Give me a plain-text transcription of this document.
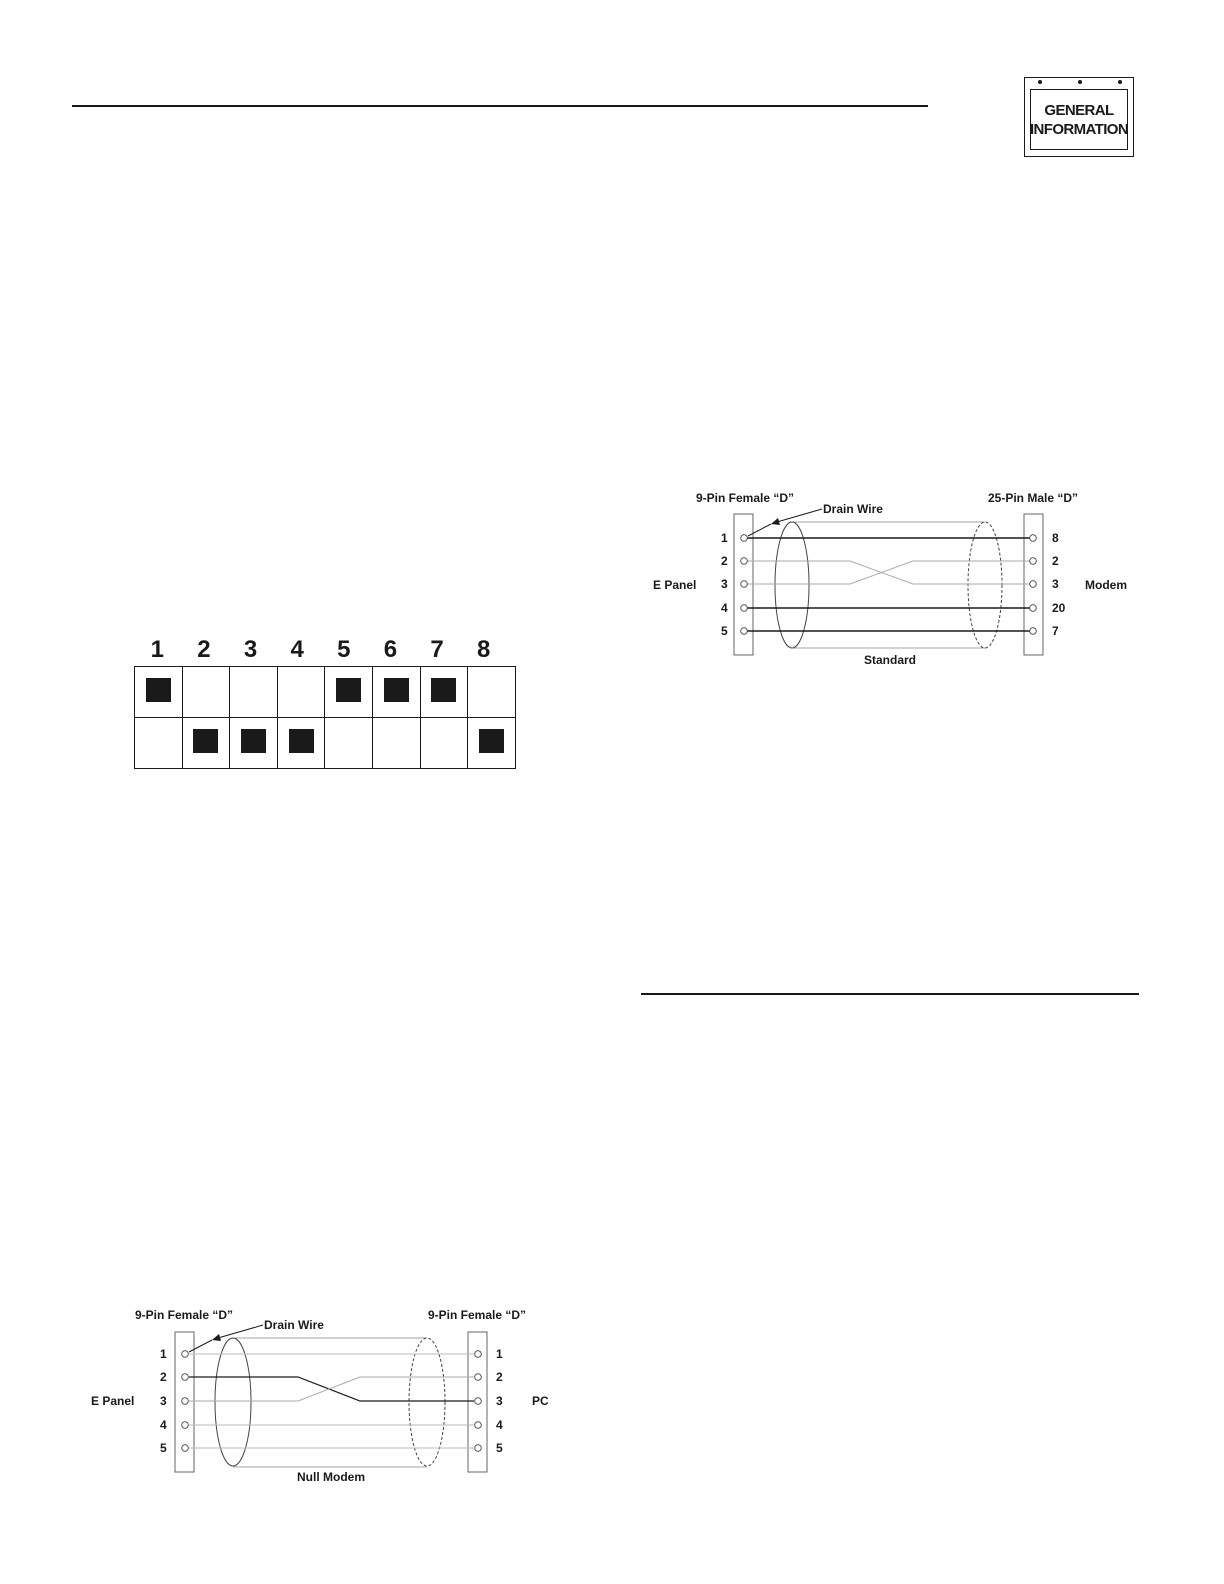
GENERAL
INFORMATION
1	2	3	4	5	6	7	8

9-Pin Female “D”	25-Pin Male “D”
Drain Wire
E Panel	Modem
Standard
1
2
3
4
5
8
2
3
20
7
9-Pin Female “D”	9-Pin Female “D”
Drain Wire
E Panel	PC
Null Modem
1
2
3
4
5
1
2
3
4
5
